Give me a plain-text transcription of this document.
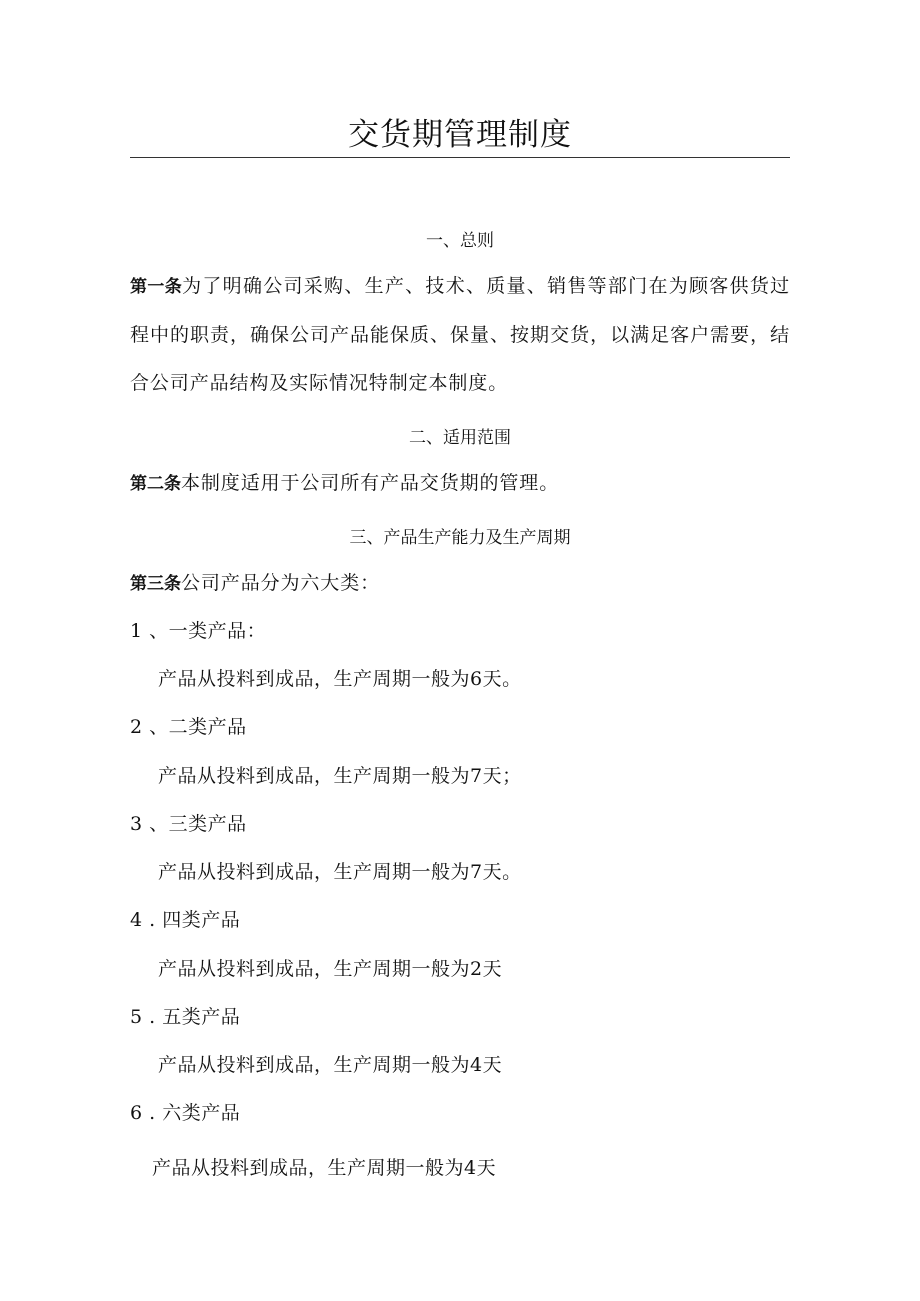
交货期管理制度
一、总则
第一条为了明确公司采购、生产、技术、质量、销售等部门在为顾客供货过程中的职责，确保公司产品能保质、保量、按期交货，以满足客户需要，结合公司产品结构及实际情况特制定本制度。
二、适用范围
第二条本制度适用于公司所有产品交货期的管理。
三、产品生产能力及生产周期
第三条公司产品分为六大类：
1 、一类产品：
产品从投料到成品，生产周期一般为6天。
2 、二类产品
产品从投料到成品，生产周期一般为7天；
3 、三类产品
产品从投料到成品，生产周期一般为7天。
4 . 四类产品
产品从投料到成品，生产周期一般为2天
5 . 五类产品
产品从投料到成品，生产周期一般为4天
6 . 六类产品
产品从投料到成品，生产周期一般为4天
